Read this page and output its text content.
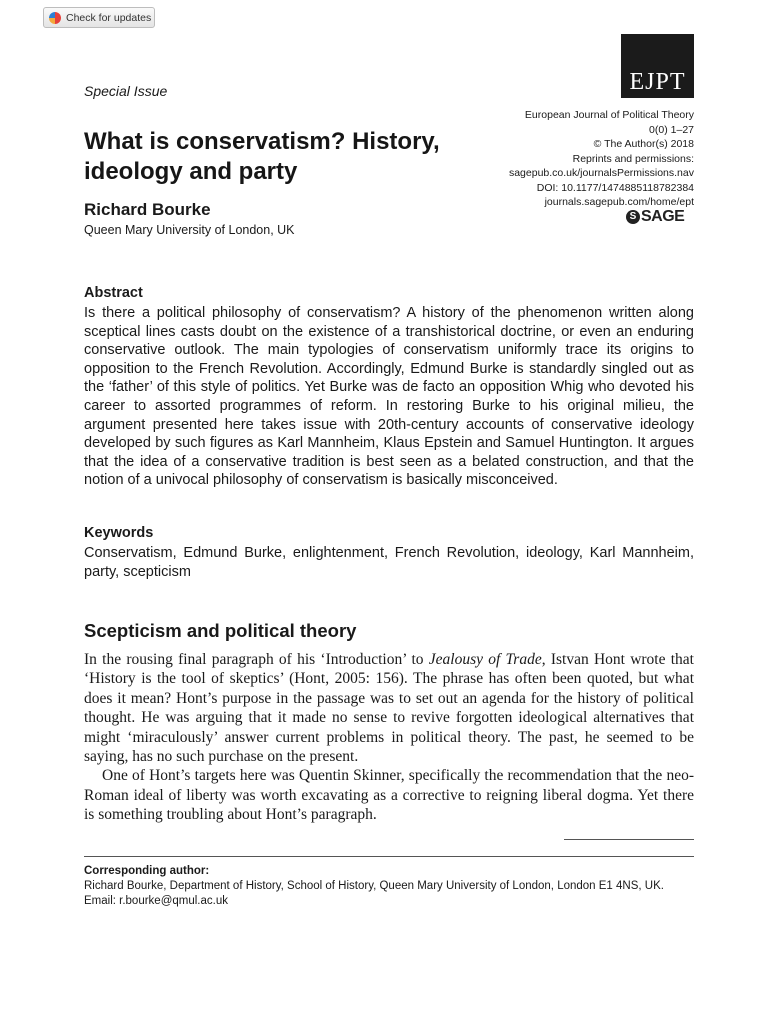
Check for updates
Special Issue	EJPT
European Journal of Political Theory
0(0) 1–27
© The Author(s) 2018
Reprints and permissions:
sagepub.co.uk/journalsPermissions.nav
DOI: 10.1177/1474885118782384
journals.sagepub.com/home/ept
S SAGE
What is conservatism? History, ideology and party
Richard Bourke
Queen Mary University of London, UK
Abstract

Is there a political philosophy of conservatism? A history of the phenomenon written along sceptical lines casts doubt on the existence of a transhistorical doctrine, or even an enduring conservative outlook. The main typologies of conservatism uniformly trace its origins to opposition to the French Revolution. Accordingly, Edmund Burke is standardly singled out as the ‘father’ of this style of politics. Yet Burke was de facto an opposition Whig who devoted his career to assorted programmes of reform. In restoring Burke to his original milieu, the argument presented here takes issue with 20th-century accounts of conservative ideology developed by such figures as Karl Mannheim, Klaus Epstein and Samuel Huntington. It argues that the idea of a conservative tradition is best seen as a belated construction, and that the notion of a univocal philosophy of conservatism is basically misconceived.

Keywords

Conservatism, Edmund Burke, enlightenment, French Revolution, ideology, Karl Mannheim, party, scepticism

Scepticism and political theory

In the rousing final paragraph of his ‘Introduction’ to Jealousy of Trade, Istvan Hont wrote that ‘History is the tool of skeptics’ (Hont, 2005: 156). The phrase has often been quoted, but what does it mean? Hont’s purpose in the passage was to set out an agenda for the history of political thought. He was arguing that it made no sense to revive forgotten ideological alternatives that might ‘miraculously’ answer current problems in political theory. The past, he seemed to be saying, has no such purchase on the present.

One of Hont’s targets here was Quentin Skinner, specifically the recommendation that the neo-Roman ideal of liberty was worth excavating as a corrective to reigning liberal dogma. Yet there is something troubling about Hont’s paragraph.

Corresponding author:
Richard Bourke, Department of History, School of History, Queen Mary University of London, London E1 4NS, UK.
Email: r.bourke@qmul.ac.uk
